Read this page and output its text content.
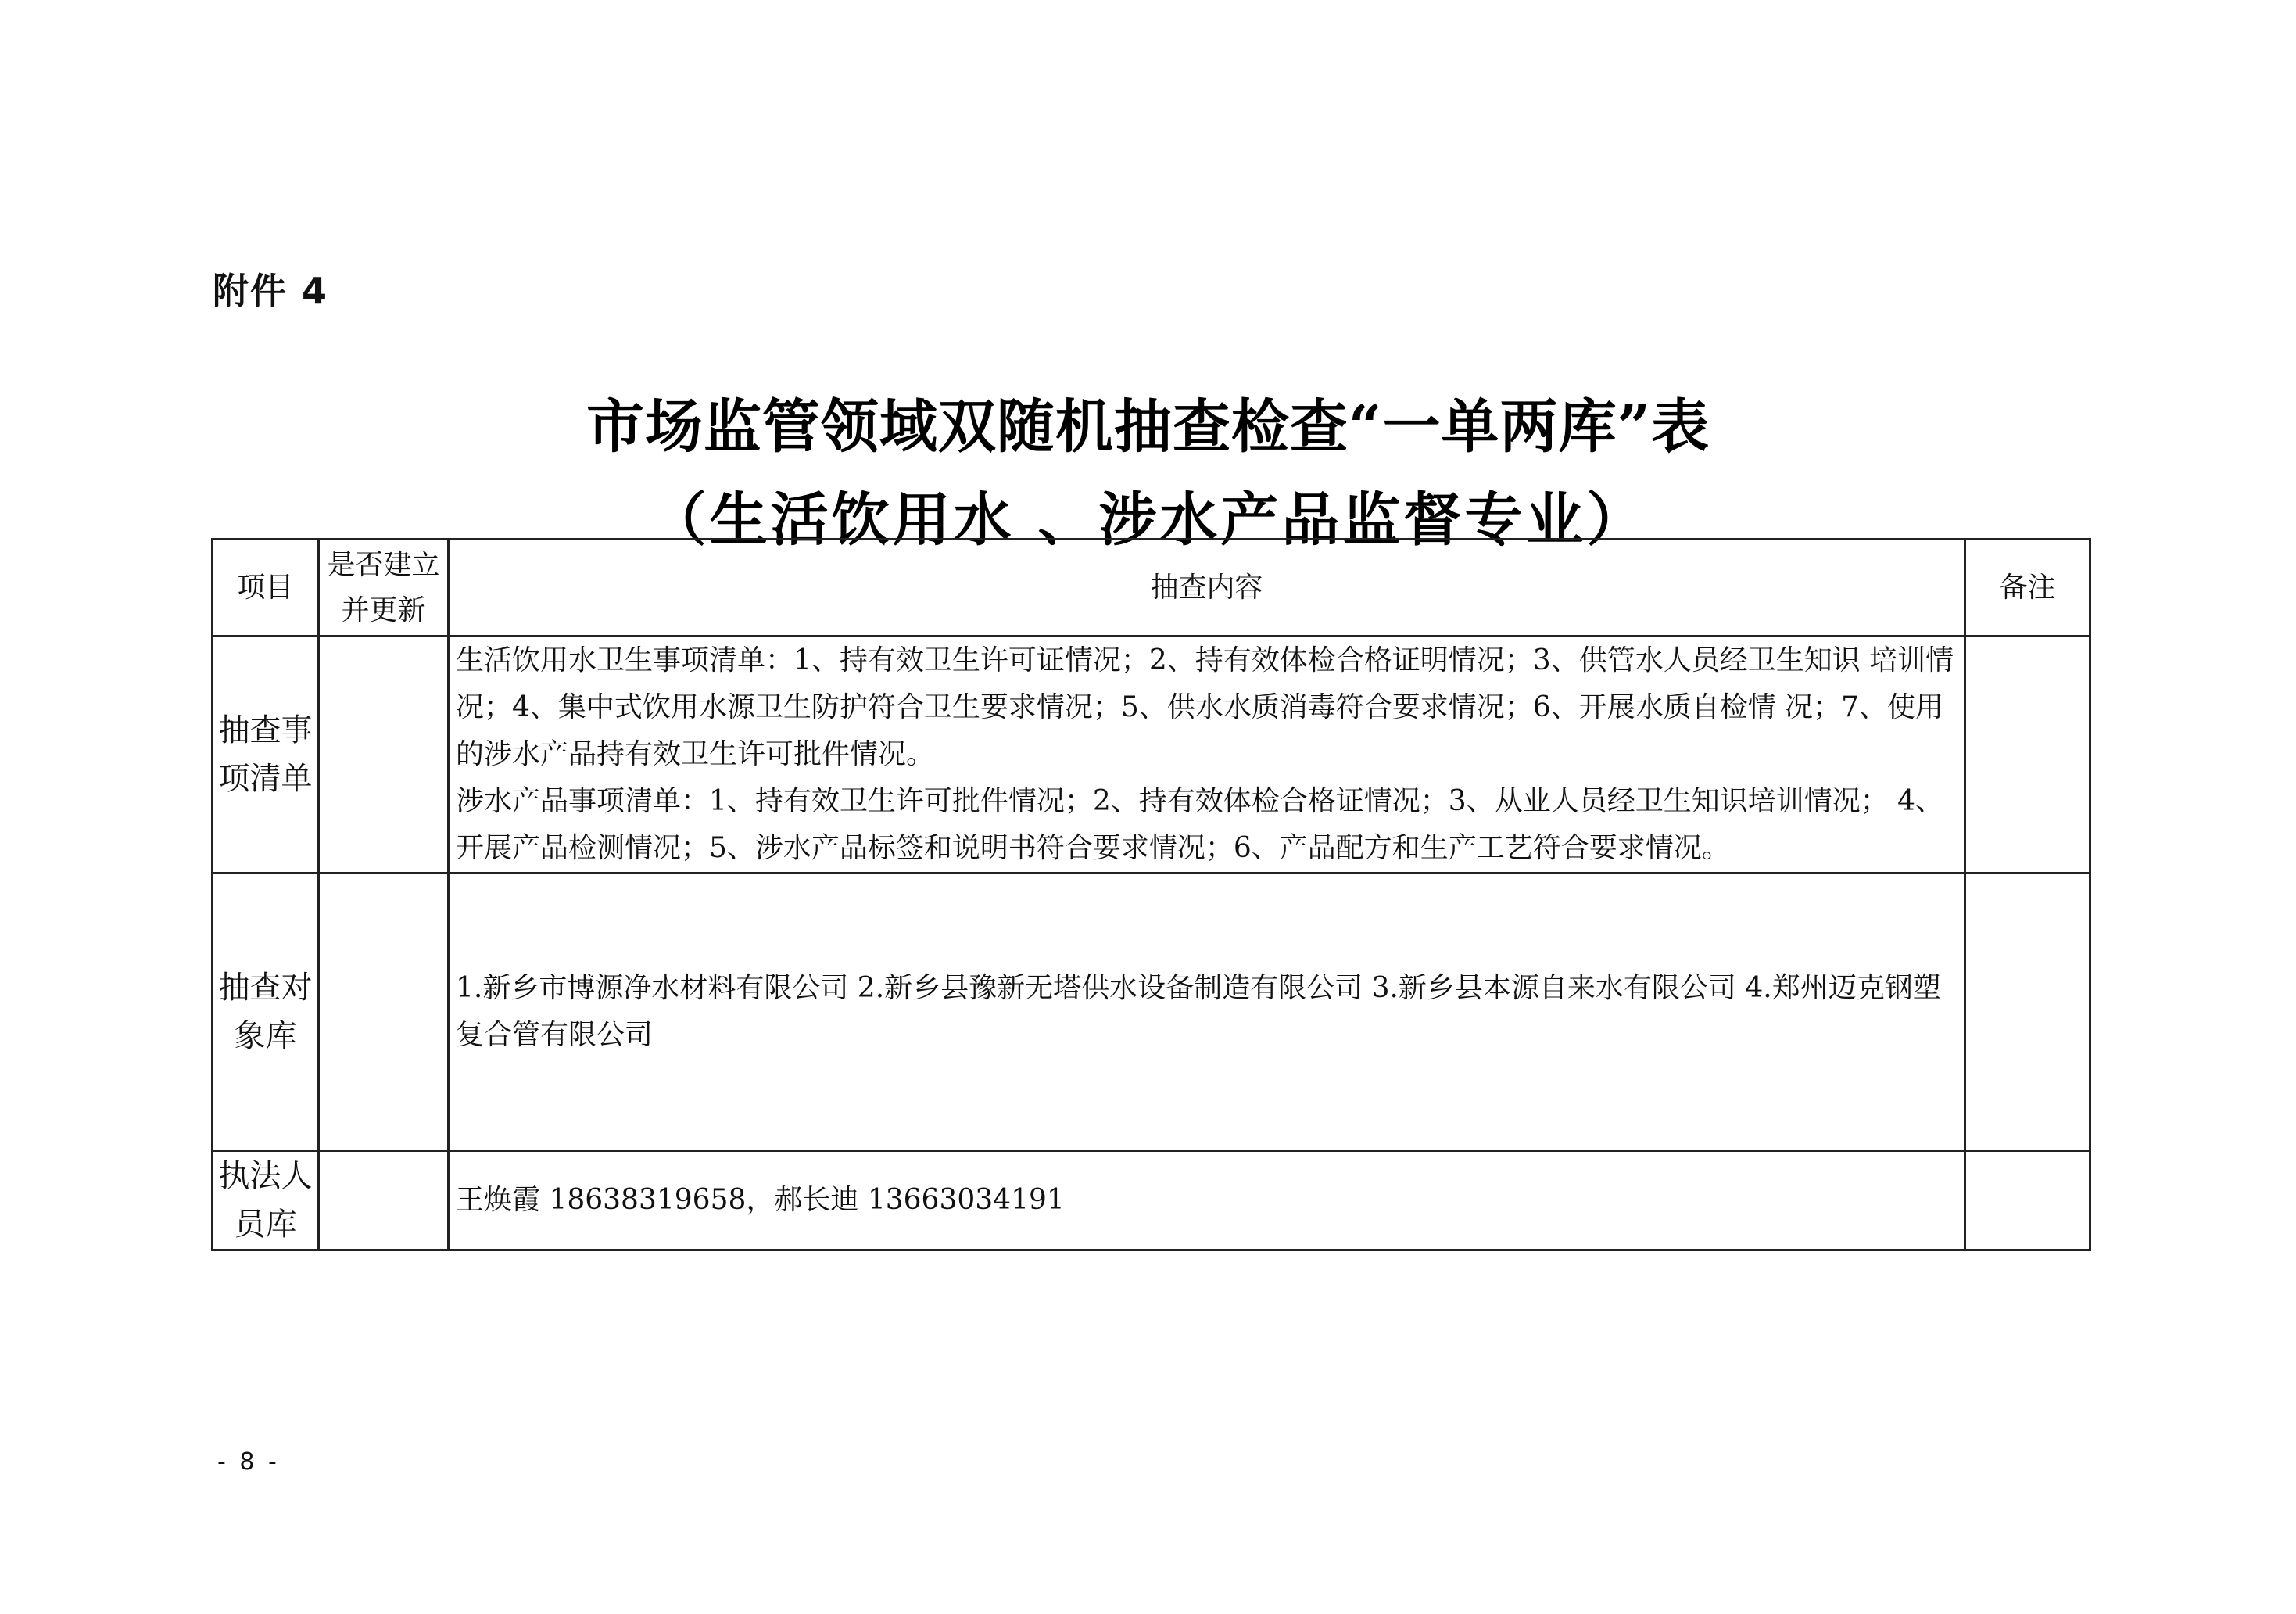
附件 4
市场监管领域双随机抽查检查“一单两库”表
（生活饮用水 、涉水产品监督专业）
项目	是否建立并更新	抽查内容	备注
抽查事项清单		生活饮用水卫生事项清单：1、持有效卫生许可证情况；2、持有效体检合格证明情况；3、供管水人员经卫生知识 培训情况；4、集中式饮用水源卫生防护符合卫生要求情况；5、供水水质消毒符合要求情况；6、开展水质自检情 况；7、使用的涉水产品持有效卫生许可批件情况。

涉水产品事项清单：1、持有效卫生许可批件情况；2、持有效体检合格证情况；3、从业人员经卫生知识培训情况； 4、开展产品检测情况；5、涉水产品标签和说明书符合要求情况；6、产品配方和生产工艺符合要求情况。	

抽查对象库		1.新乡市博源净水材料有限公司 2.新乡县豫新无塔供水设备制造有限公司 3.新乡县本源自来水有限公司 4.郑州迈克钢塑复合管有限公司	
执法人员库		王焕霞 18638319658，郝长迪 13663034191	
- 8 -
